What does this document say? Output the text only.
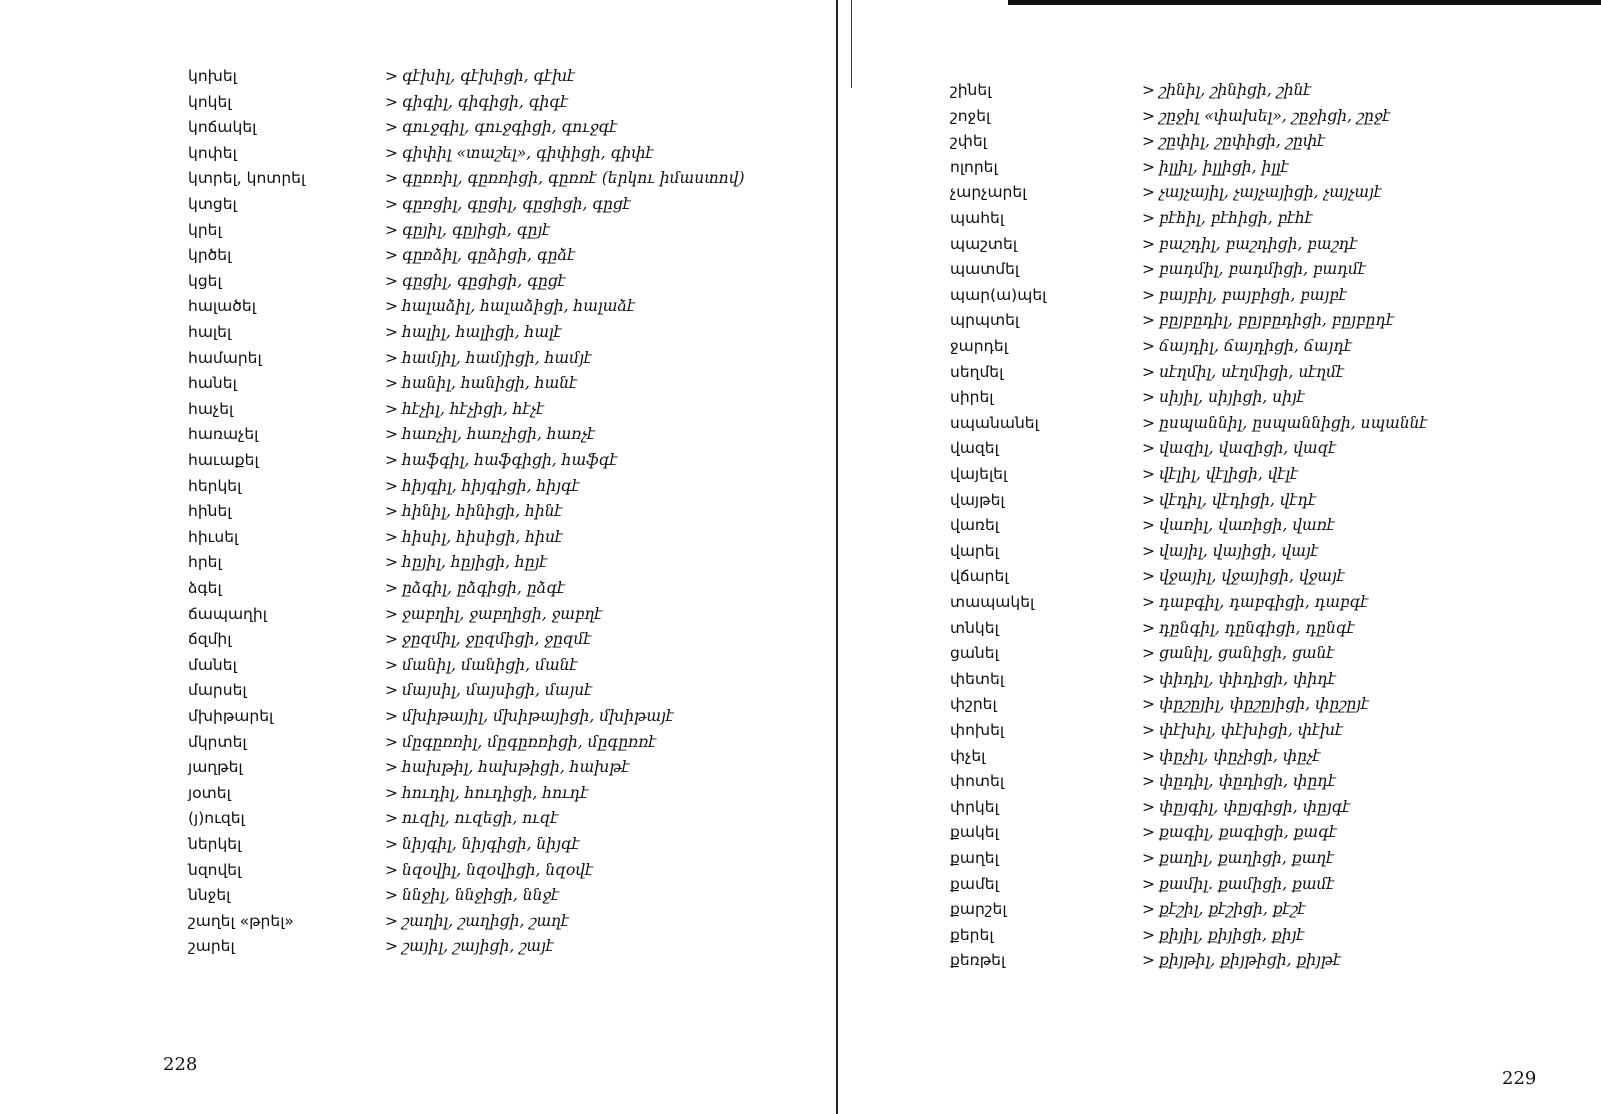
կոխել	> գէխիլ, գէխիցի, գէխէ
կոկել	> գիգիլ, գիգիցի, գիգէ
կոճակել	> գուջգիլ, գուջգիցի, գուջգէ
կոփել	> գիփիլ «տաշել», գիփիցի, գիփէ
կտրել, կոտրել	> գըռռիլ, գըռռիցի, գըռռէ (երկու իմաստով)
կտցել	> գըռցիլ, գըցիլ, գըցիցի, գըցէ
կրել	> գըյիլ, գըյիցի, գըյէ
կրծել	> գըռձիլ, գըձիցի, գըձէ
կցել	> գըցիլ, գըցիցի, գըցէ
հալածել	> հալաձիլ, հալաձիցի, հալաձէ
հալել	> հալիլ, հալիցի, հալէ
համարել	> համյիլ, համյիցի, համյէ
հանել	> հանիլ, հանիցի, հանէ
հաչել	> հէչիլ, հէչիցի, հէչէ
հառաչել	> հառչիլ, հառչիցի, հառչէ
հաւաքել	> հաֆգիլ, հաֆգիցի, հաֆգէ
հերկել	> հիյգիլ, հիյգիցի, հիյգէ
հինել	> հինիլ, հինիցի, հինէ
հիւսել	> հիսիլ, հիսիցի, հիսէ
հրել	> հըյիլ, հըյիցի, հըյէ
ձգել	> ըձգիլ, ըձգիցի, ըձգէ
ճապաղիլ	> ջաբղիլ, ջաբղիցի, ջաբղէ
ճզմիլ	> ջըզմիլ, ջըզմիցի, ջըզմէ
մանել	> մանիլ, մանիցի, մանէ
մարսել	> մայսիլ, մայսիցի, մայսէ
մխիթարել	> մխիթայիլ, մխիթայիցի, մխիթայէ
մկրտել	> մըգըռռիլ, մըգըռռիցի, մըգըռռէ
յաղթել	> հախթիլ, հախթիցի, հախթէ
յօտել	> հուդիլ, հուդիցի, հուդէ
(յ)ուզել	> ուզիլ, ուզեցի, ուզէ
ներկել	> նիյգիլ, նիյգիցի, նիյգէ
նզովել	> նզօվիլ, նզօվիցի, նզօվէ
ննջել	> ննջիլ, ննջիցի, ննջէ
շաղել «թրել»	> շաղիլ, շաղիցի, շաղէ
շարել	> շայիլ, շայիցի, շայէ
228
շինել	> շինիլ, շինիցի, շինէ
շոջել	> շըջիլ «փախել», շըջիցի, շըջէ
շփել	> շըփիլ, շըփիցի, շըփէ
ոլորել	> իլլիլ, իլլիցի, իլլէ
չարչարել	> չայչայիլ, չայչայիցի, չայչայէ
պահել	> բէհիլ, բէհիցի, բէհէ
պաշտել	> բաշդիլ, բաշդիցի, բաշդէ
պատմել	> բադմիլ, բադմիցի, բադմէ
պար(ա)պել	> բայբիլ, բայբիցի, բայբէ
պրպտել	> բըյբըդիլ, բըյբըդիցի, բըյբըդէ
ջարդել	> ճայդիլ, ճայդիցի, ճայդէ
սեղմել	> սէղմիլ, սէղմիցի, սէղմէ
սիրել	> սիյիլ, սիյիցի, սիյէ
սպանանել	> ըսպաննիլ, ըսպաննիցի, սպաննէ
վազել	> վազիլ, վազիցի, վազէ
վայելել	> վէլիլ, վէլիցի, վէլէ
վայթել	> վէդիլ, վէդիցի, վէդէ
վառել	> վառիլ, վառիցի, վառէ
վարել	> վայիլ, վայիցի, վայէ
վճարել	> վջայիլ, վջայիցի, վջայէ
տապակել	> դաբգիլ, դաբգիցի, դաբգէ
տնկել	> դընգիլ, դընգիցի, դընգէ
ցանել	> ցանիլ, ցանիցի, ցանէ
փետել	> փիդիլ, փիդիցի, փիդէ
փշրել	> փըշըյիլ, փըշըյիցի, փըշըյէ
փոխել	> փէխիլ, փէխիցի, փէխէ
փչել	> փըչիլ, փըչիցի, փըչէ
փոտել	> փըդիլ, փըդիցի, փըդէ
փրկել	> փըյգիլ, փըյգիցի, փըյգէ
քակել	> քագիլ, քագիցի, քագէ
քաղել	> քաղիլ, քաղիցի, քաղէ
քամել	> քամիլ. քամիցի, քամէ
քարշել	> քէշիլ, քէշիցի, քէշէ
քերել	> քիյիլ, քիյիցի, քիյէ
քեռթել	> քիյթիլ, քիյթիցի, քիյթէ
229
